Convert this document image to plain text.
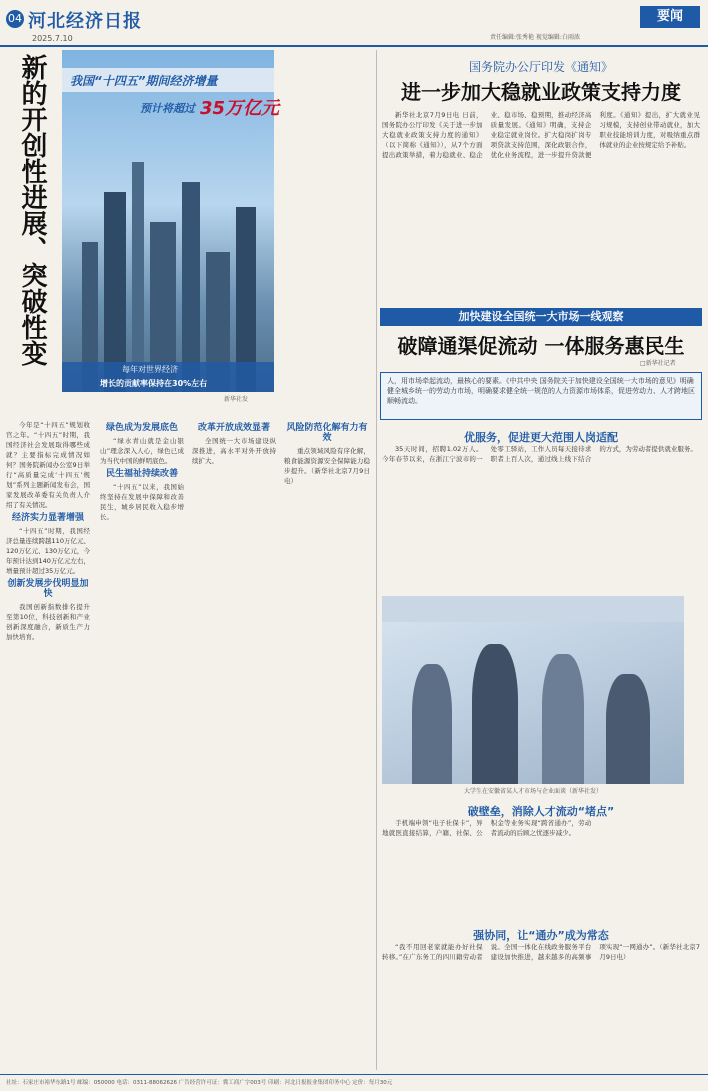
04 河北经济日报
2025.7.10	责任编辑:张秀艳 视觉编辑:白雨浓
要闻
新的开创性进展、突破性变
我国“十四五”期间经济增量
预计将超过 35万亿元
每年对世界经济
增长的贡献率保持在30%左右
新华社发

今年是“十四五”规划收官之年。“十四五”时期，我国经济社会发展取得哪些成就？主要指标完成情况如何？国务院新闻办公室9日举行“高质量完成‘十四五’规划”系列主题新闻发布会，国家发展改革委有关负责人介绍了有关情况。

经济实力显著增强

“十四五”时期，我国经济总量连续跨越110万亿元、120万亿元、130万亿元，今年预计达到140万亿元左右，增量预计超过35万亿元。

创新发展步伐明显加快

我国创新指数排名提升至第10位，科技创新和产业创新深度融合，新质生产力加快培育。

绿色成为发展底色

“绿水青山就是金山银山”理念深入人心，绿色已成为当代中国的鲜明底色。

民生福祉持续改善

“十四五”以来，我国始终坚持在发展中保障和改善民生，城乡居民收入稳步增长。

改革开放成效显著

全国统一大市场建设纵深推进，高水平对外开放持续扩大。

风险防范化解有力有效

重点领域风险有序化解，粮食能源资源安全保障能力稳步提升。（新华社北京7月9日电）

国务院办公厅印发《通知》
进一步加大稳就业政策支持力度

新华社北京7月9日电 日前，国务院办公厅印发《关于进一步加大稳就业政策支持力度的通知》（以下简称《通知》），从7个方面提出政策举措，着力稳就业、稳企业、稳市场、稳预期，推动经济高质量发展。《通知》明确，支持企业稳定就业岗位。扩大稳岗扩岗专项贷款支持范围，深化政银合作，优化业务流程，进一步提升贷款便利度。《通知》提出，扩大就业见习规模，支持创业带动就业，加大职业技能培训力度，对吸纳重点群体就业的企业按规定给予补贴。

加快建设全国统一大市场一线观察
破障通渠促流动 一体服务惠民生
□新华社记者
人，用市场牵起流动，最核心的要素。《中共中央 国务院关于加快建设全国统一大市场的意见》明确健全城乡统一的劳动力市场，明确要求健全统一规范的人力资源市场体系，促进劳动力、人才跨地区顺畅流动。
优服务，促进更大范围人岗适配

35天时间，招聘1.02万人。今年春节以来，在浙江宁波市的一处零工驿站，工作人员每天接待求职者上百人次，通过线上线下结合的方式，为劳动者提供就业服务。

大学生在安徽省某人才市场与企业面谈（新华社发）
破壁垒，消除人才流动“堵点”

手机端申领“电子社保卡”，异地就医直接结算，户籍、社保、公积金等业务实现“跨省通办”，劳动者流动的后顾之忧逐步减少。

强协同，让“通办”成为常态

“我不用回老家就能办好社保转移。”在广东务工的四川籍劳动者说。全国一体化在线政务服务平台建设加快推进，越来越多的高频事项实现“一网通办”。（新华社北京7月9日电）

社址：石家庄市裕华东路1号 邮编：050000 电话：0311-88062626 广告经营许可证：冀工商广字003号 印刷：河北日报报业集团印务中心 定价：每月30元
